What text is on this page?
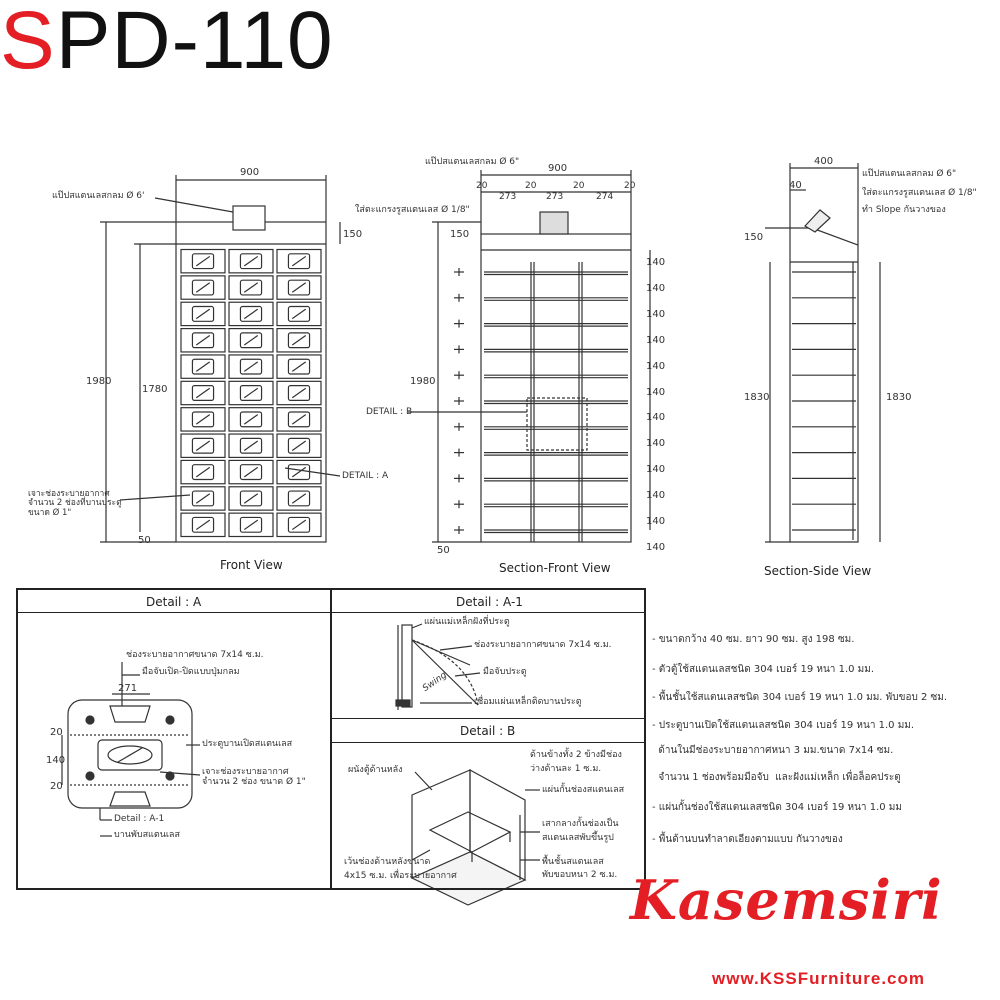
SPD-110
900
150
1980
1780
50
แป๊ปสแตนเลสกลม Ø 6'
DETAIL : A
เจาะช่องระบายอากาศ
จำนวน 2 ช่องที่บานประตู
ขนาด Ø 1"
Front View
แป๊ปสแตนเลสกลม Ø 6"
900
20
273
20
273
20
274
20
ใส่ตะแกรงรูสแตนเลส Ø 1/8"
150
1980
50
DETAIL : B
140
140
140
140
140
140
140
140
140
140
140
140
Section-Front View
400
40
150
1830	1830
แป๊ปสแตนเลสกลม Ø 6"
ใส่ตะแกรงรูสแตนเลส Ø 1/8"
ทำ Slope กันวางของ
Section-Side View
Detail : A	Detail : A-1
Detail : B
ช่องระบายอากาศขนาด 7x14 ซ.ม.
มือจับเปิด-ปิดแบบปุ่มกลม
271
20
140
20
ประตูบานเปิดสแตนเลส
เจาะช่องระบายอากาศ
จำนวน 2 ช่อง ขนาด Ø 1"
Detail : A-1
บานพับสแตนเลส
แผ่นแม่เหล็กฝังที่ประตู
ช่องระบายอากาศขนาด 7x14 ซ.ม.
มือจับประตู
เชื่อมแผ่นเหล็กติดบานประตู
Swing
ด้านข้างทั้ง 2 ข้างมีช่อง
ว่างด้านละ 1 ซ.ม.
ผนังตู้ด้านหลัง
แผ่นกั้นช่องสแตนเลส
เสากลางกั้นช่องเป็น
สแตนเลสพับขึ้นรูป
พื้นชั้นสแตนเลส
พับขอบหนา 2 ซ.ม.
เว้นช่องด้านหลังขนาด
4x15 ซ.ม. เพื่อระบายอากาศ
- ขนาดกว้าง 40 ซม. ยาว 90 ซม. สูง 198 ซม.
- ตัวตู้ใช้สแตนเลสชนิด 304 เบอร์ 19 หนา 1.0 มม.
- พื้นชั้นใช้สแตนเลสชนิด 304 เบอร์ 19 หนา 1.0 มม. พับขอบ 2 ซม.
- ประตูบานเปิดใช้สแตนเลสชนิด 304 เบอร์ 19 หนา 1.0 มม.
ด้านในมีช่องระบายอากาศหนา 3 มม.ขนาด 7x14 ซม.
จำนวน 1 ช่องพร้อมมือจับ  และฝังแม่เหล็ก เพื่อล็อคประตู
- แผ่นกั้นช่องใช้สแตนเลสชนิด 304 เบอร์ 19 หนา 1.0 มม
- พื้นด้านบนทำลาดเอียงตามแบบ กันวางของ
Kasemsiri
www.KSSFurniture.com
